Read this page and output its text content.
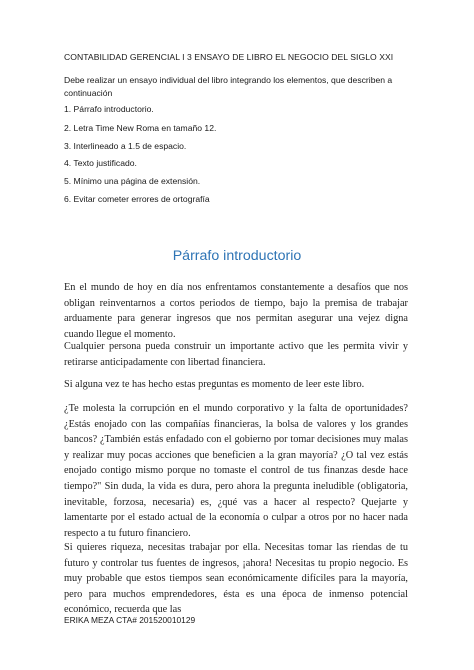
CONTABILIDAD GERENCIAL I 3 ENSAYO DE LIBRO EL NEGOCIO DEL SIGLO XXI
Debe realizar un ensayo individual del libro integrando los elementos, que describen a continuación
1. Párrafo introductorio.
2. Letra Time New Roma en tamaño 12.
3. Interlineado a 1.5 de espacio.
4. Texto justificado.
5. Mínimo una página de extensión.
6. Evitar cometer errores de ortografía
Párrafo introductorio
En el mundo de hoy en día nos enfrentamos constantemente a desafíos que nos obligan reinventarnos a cortos periodos de tiempo, bajo la premisa de trabajar arduamente para generar ingresos que nos permitan asegurar una vejez digna cuando llegue el momento.
Cualquier persona pueda construir un importante activo que les permita vivir y retirarse anticipadamente con libertad financiera.
Si alguna vez te has hecho estas preguntas es momento de leer este libro.
¿Te molesta la corrupción en el mundo corporativo y la falta de oportunidades? ¿Estás enojado con las compañías financieras, la bolsa de valores y los grandes bancos? ¿También estás enfadado con el gobierno por tomar decisiones muy malas y realizar muy pocas acciones que beneficien a la gran mayoría? ¿O tal vez estás enojado contigo mismo porque no tomaste el control de tus finanzas desde hace tiempo?" Sin duda, la vida es dura, pero ahora la pregunta ineludible (obligatoria, inevitable, forzosa, necesaria) es, ¿qué vas a hacer al respecto? Quejarte y lamentarte por el estado actual de la economía o culpar a otros por no hacer nada respecto a tu futuro financiero.
Si quieres riqueza, necesitas trabajar por ella. Necesitas tomar las riendas de tu futuro y controlar tus fuentes de ingresos, ¡ahora! Necesitas tu propio negocio. Es muy probable que estos tiempos sean económicamente difíciles para la mayoría, pero para muchos emprendedores, ésta es una época de inmenso potencial económico, recuerda que las
ERIKA MEZA CTA# 201520010129
